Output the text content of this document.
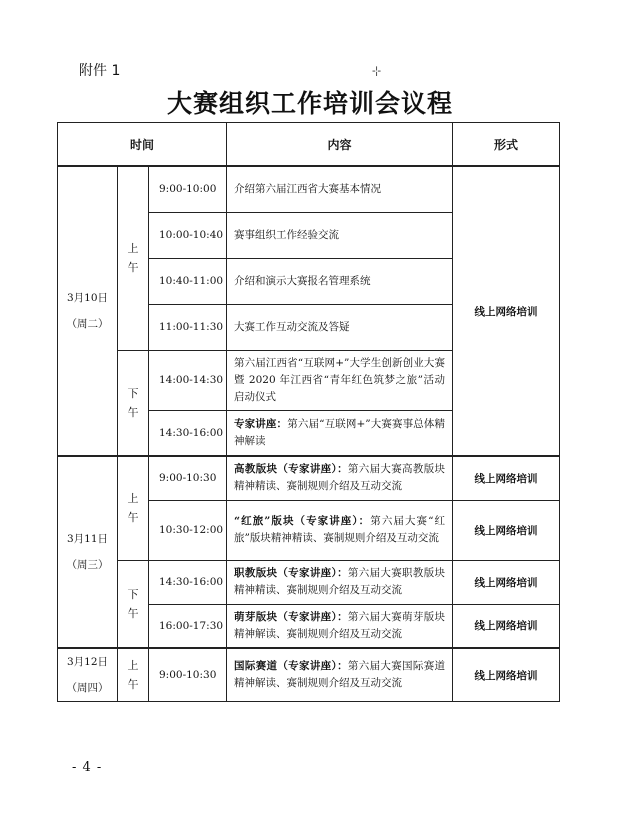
附件 1	-¦-
大赛组织工作培训会议程
时间			内容	形式

3月10日
（周二）	上午	9:00-10:00	介绍第六届江西省大赛基本情况	线上网络培训
		10:00-10:40	赛事组织工作经验交流	
		10:40-11:00	介绍和演示大赛报名管理系统	
		11:00-11:30	大赛工作互动交流及答疑	

	下午	14:00-14:30	第六届江西省“互联网+”大学生创新创业大赛暨 2020 年江西省“青年红色筑梦之旅”活动启动仪式	
		14:30-16:00	专家讲座：第六届“互联网+”大赛赛事总体精神解读	

3月11日
（周三）	上午	9:00-10:30	高教版块（专家讲座）：第六届大赛高教版块精神精读、赛制规则介绍及互动交流	线上网络培训
		10:30-12:00	“红旅”版块（专家讲座）：第六届大赛“红旅”版块精神精读、赛制规则介绍及互动交流	线上网络培训

	下午	14:30-16:00	职教版块（专家讲座）：第六届大赛职教版块精神精读、赛制规则介绍及互动交流	线上网络培训
		16:00-17:30	萌芽版块（专家讲座）：第六届大赛萌芽版块精神解读、赛制规则介绍及互动交流	线上网络培训

3月12日
（周四）	上午	9:00-10:30	国际赛道（专家讲座）：第六届大赛国际赛道精神解读、赛制规则介绍及互动交流	线上网络培训
- 4 -
